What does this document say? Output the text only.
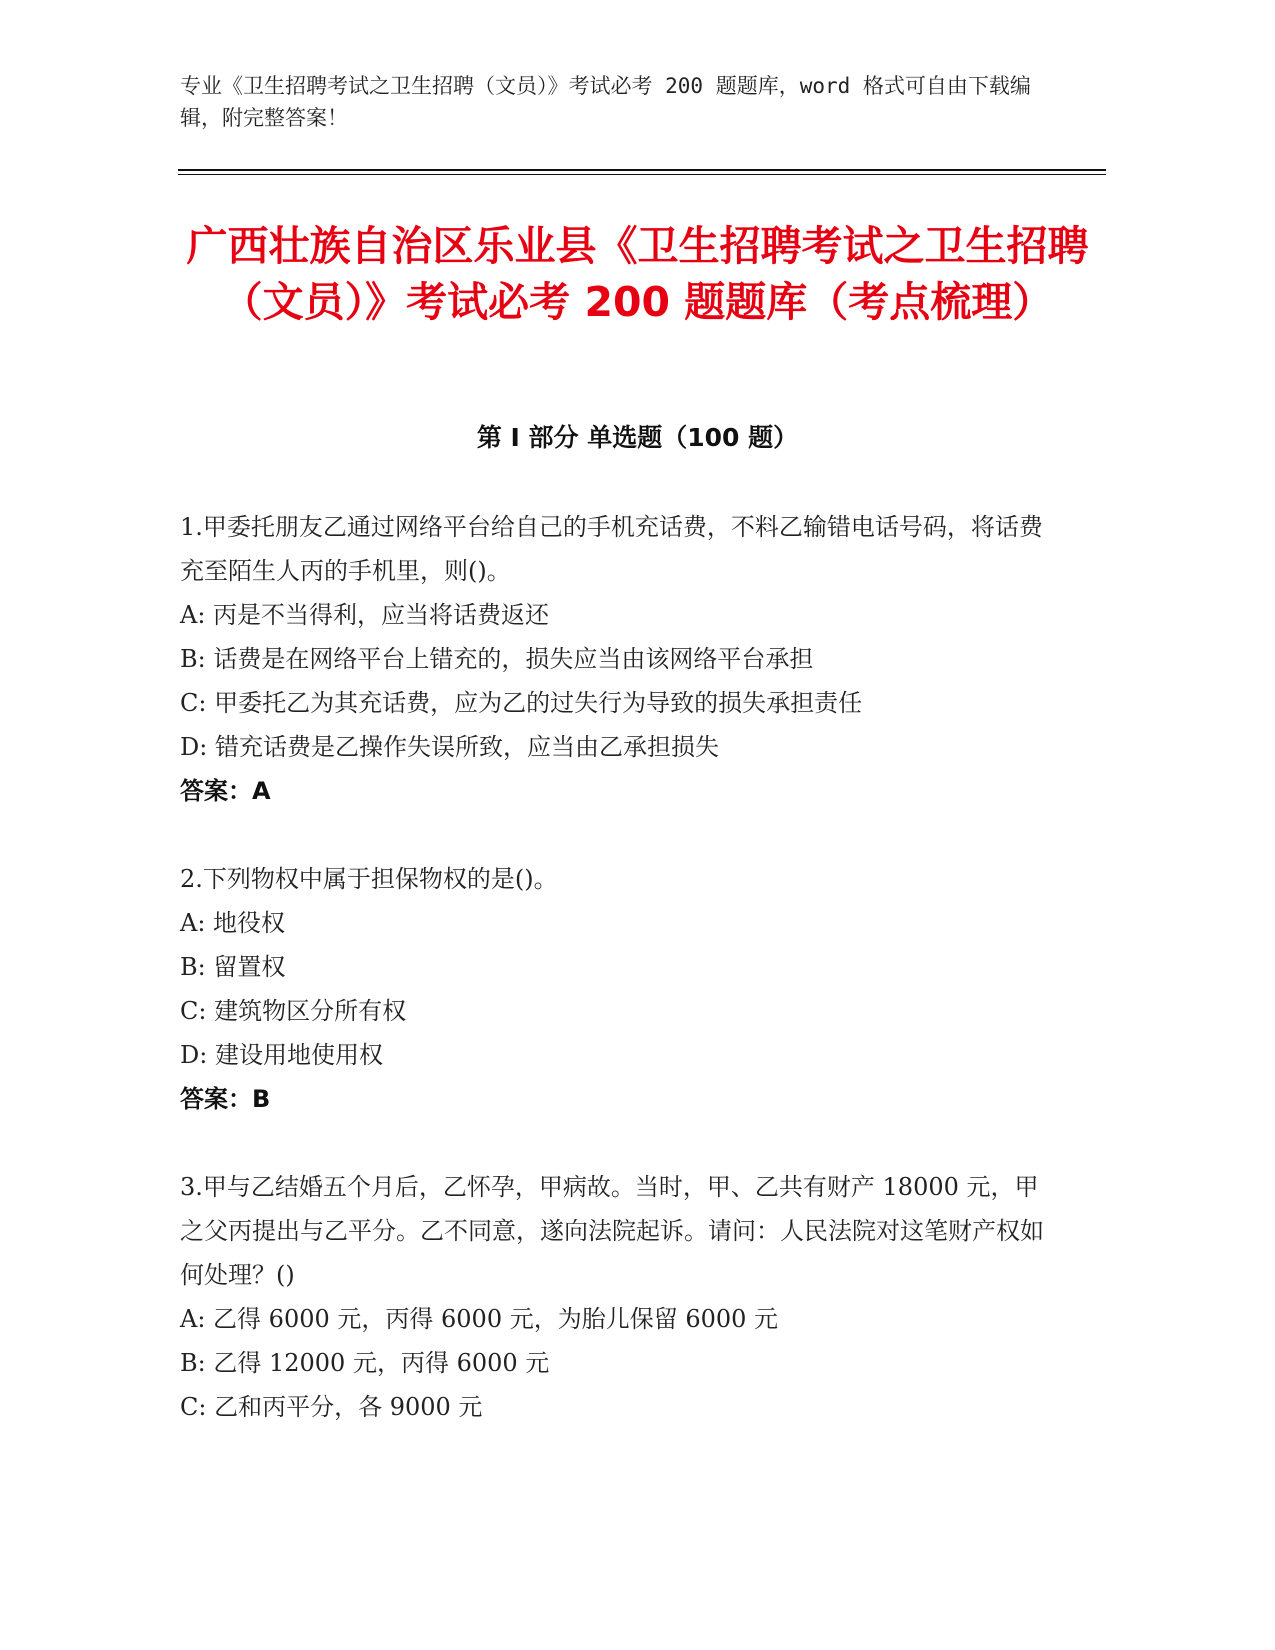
专业《卫生招聘考试之卫生招聘（文员）》考试必考 200 题题库，word 格式可自由下载编辑，附完整答案！
广西壮族自治区乐业县《卫生招聘考试之卫生招聘（文员）》考试必考 200 题题库（考点梳理）
第 I 部分 单选题（100 题）

1.甲委托朋友乙通过网络平台给自己的手机充话费，不料乙输错电话号码，将话费充至陌生人丙的手机里，则()。

A: 丙是不当得利，应当将话费返还

B: 话费是在网络平台上错充的，损失应当由该网络平台承担

C: 甲委托乙为其充话费，应为乙的过失行为导致的损失承担责任

D: 错充话费是乙操作失误所致，应当由乙承担损失

答案：A

2.下列物权中属于担保物权的是()。

A: 地役权

B: 留置权

C: 建筑物区分所有权

D: 建设用地使用权

答案：B

3.甲与乙结婚五个月后，乙怀孕，甲病故。当时，甲、乙共有财产 18000 元，甲之父丙提出与乙平分。乙不同意，遂向法院起诉。请问：人民法院对这笔财产权如何处理？()

A: 乙得 6000 元，丙得 6000 元，为胎儿保留 6000 元

B: 乙得 12000 元，丙得 6000 元

C: 乙和丙平分，各 9000 元
